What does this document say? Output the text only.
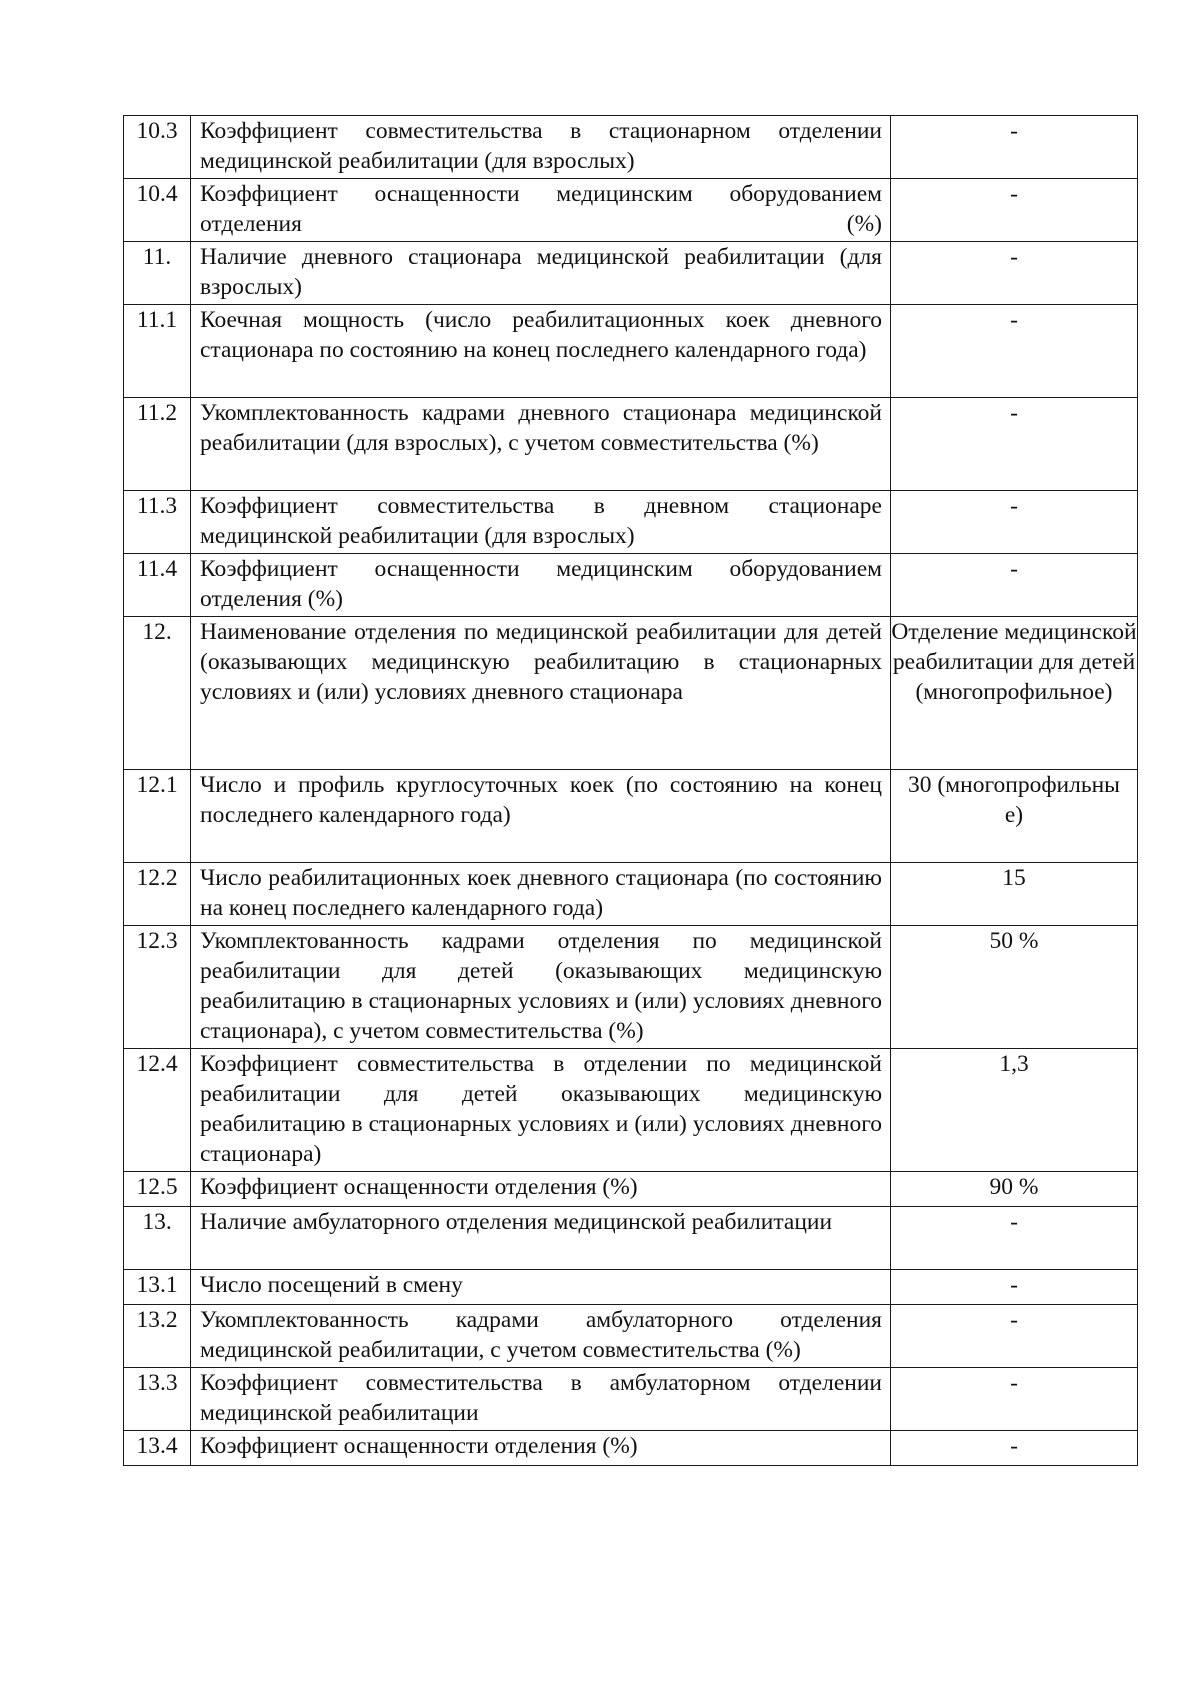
10.3	Коэффициент совместительства в стационарном отделении медицинской реабилитации (для взрослых)	-
10.4	Коэффициент оснащенности медицинским оборудованием отделения (%)	-
11.	Наличие дневного стационара медицинской реабилитации (для взрослых)	-
11.1	Коечная мощность (число реабилитационных коек дневного стационара по состоянию на конец последнего календарного года)	-
11.2	Укомплектованность кадрами дневного стационара медицинской реабилитации (для взрослых), с учетом совместительства (%)	-
11.3	Коэффициент совместительства в дневном стационаре медицинской реабилитации (для взрослых)	-
11.4	Коэффициент оснащенности медицинским оборудованием отделения (%)	-
12.	Наименование отделения по медицинской реабилитации для детей (оказывающих медицинскую реабилитацию в стационарных условиях и (или) условиях дневного стационара	Отделение медицинской реабилитации для детей (многопрофильное)
12.1	Число и профиль круглосуточных коек (по состоянию на конец последнего календарного года)	30 (многопрофильные)
12.2	Число реабилитационных коек дневного стационара (по состоянию на конец последнего календарного года)	15
12.3	Укомплектованность кадрами отделения по медицинской реабилитации для детей (оказывающих медицинскую реабилитацию в стационарных условиях и (или) условиях дневного стационара), с учетом совместительства (%)	50 %
12.4	Коэффициент совместительства в отделении по медицинской реабилитации для детей оказывающих медицинскую реабилитацию в стационарных условиях и (или) условиях дневного стационара)	1,3
12.5	Коэффициент оснащенности отделения (%)	90 %
13.	Наличие амбулаторного отделения медицинской реабилитации	-
13.1	Число посещений в смену	-
13.2	Укомплектованность кадрами амбулаторного отделения медицинской реабилитации, с учетом совместительства (%)	-
13.3	Коэффициент совместительства в амбулаторном отделении медицинской реабилитации	-
13.4	Коэффициент оснащенности отделения (%)	-
